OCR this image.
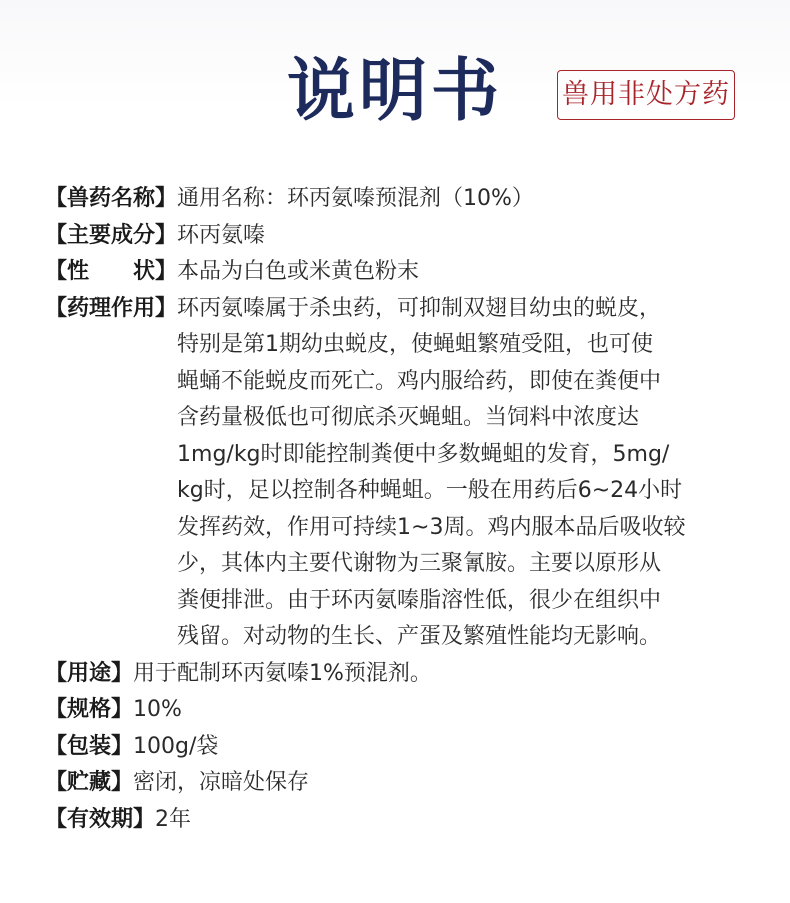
说明书	兽用非处方药
【兽药名称】 通用名称：环丙氨嗪预混剂（10%）
【主要成分】 环丙氨嗪
【性　　状】 本品为白色或米黄色粉末
【药理作用】 环丙氨嗪属于杀虫药，可抑制双翅目幼虫的蜕皮，
特别是第1期幼虫蜕皮，使蝇蛆繁殖受阻，也可使
蝇蛹不能蜕皮而死亡。鸡内服给药，即使在粪便中
含药量极低也可彻底杀灭蝇蛆。当饲料中浓度达
1mg/kg时即能控制粪便中多数蝇蛆的发育，5mg/
kg时，足以控制各种蝇蛆。一般在用药后6~24小时
发挥药效，作用可持续1~3周。鸡内服本品后吸收较
少，其体内主要代谢物为三聚氰胺。主要以原形从
粪便排泄。由于环丙氨嗪脂溶性低，很少在组织中
残留。对动物的生长、产蛋及繁殖性能均无影响。
【用途】 用于配制环丙氨嗪1%预混剂。
【规格】 10%
【包装】 100g/袋
【贮藏】 密闭，凉暗处保存
【有效期】 2年
